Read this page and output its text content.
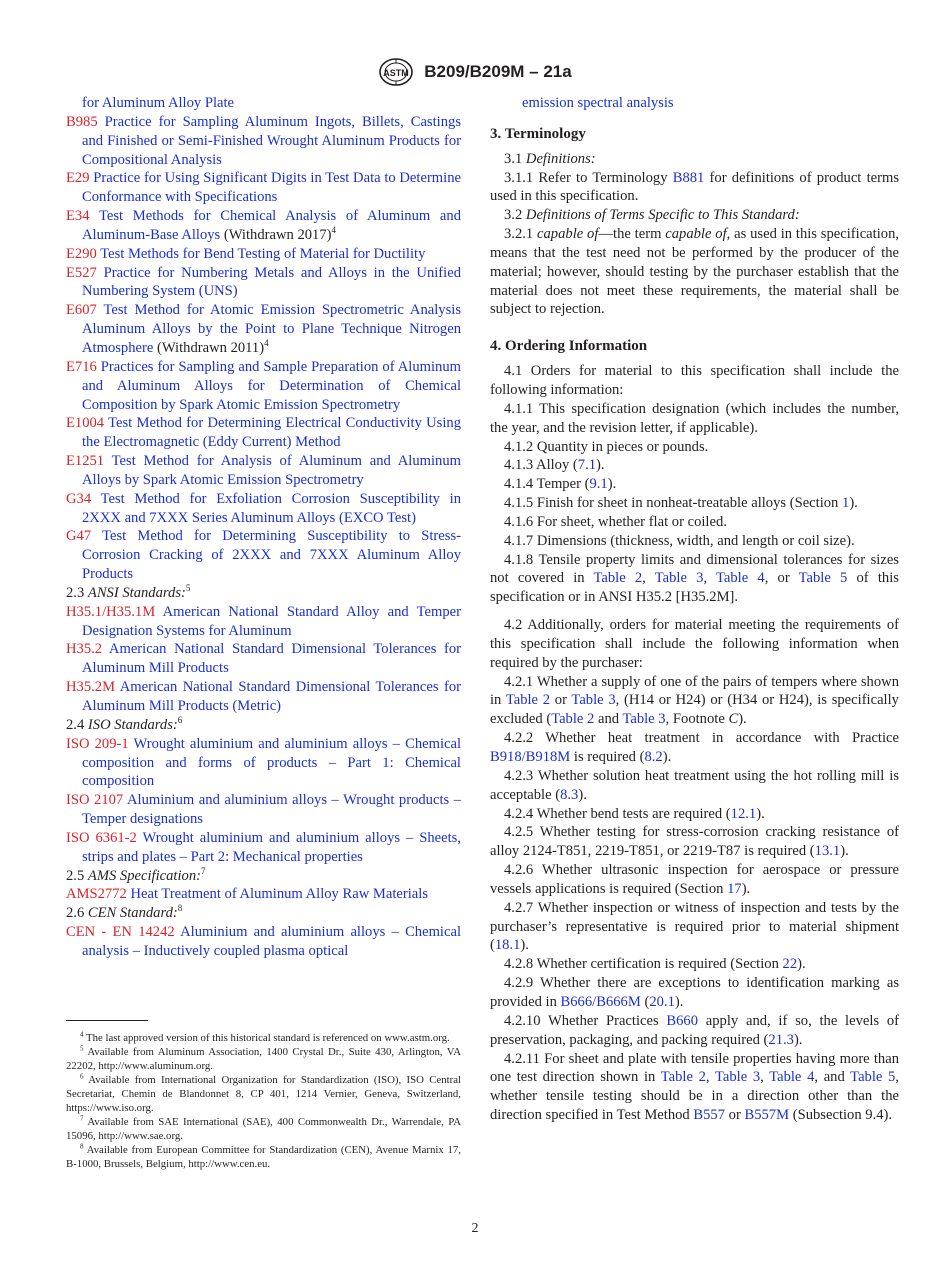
ASTM B209/B209M – 21a

for Aluminum Alloy Plate

B985 Practice for Sampling Aluminum Ingots, Billets, Castings and Finished or Semi-Finished Wrought Aluminum Products for Compositional Analysis

E29 Practice for Using Significant Digits in Test Data to Determine Conformance with Specifications

E34 Test Methods for Chemical Analysis of Aluminum and Aluminum-Base Alloys (Withdrawn 2017)$^4$

E290 Test Methods for Bend Testing of Material for Ductility

E527 Practice for Numbering Metals and Alloys in the Unified Numbering System (UNS)

E607 Test Method for Atomic Emission Spectrometric Analysis Aluminum Alloys by the Point to Plane Technique Nitrogen Atmosphere (Withdrawn 2011)$^4$

E716 Practices for Sampling and Sample Preparation of Aluminum and Aluminum Alloys for Determination of Chemical Composition by Spark Atomic Emission Spectrometry

E1004 Test Method for Determining Electrical Conductivity Using the Electromagnetic (Eddy Current) Method

E1251 Test Method for Analysis of Aluminum and Aluminum Alloys by Spark Atomic Emission Spectrometry

G34 Test Method for Exfoliation Corrosion Susceptibility in 2XXX and 7XXX Series Aluminum Alloys (EXCO Test)

G47 Test Method for Determining Susceptibility to Stress-Corrosion Cracking of 2XXX and 7XXX Aluminum Alloy Products

2.3 ANSI Standards:$^5$

H35.1/H35.1M American National Standard Alloy and Temper Designation Systems for Aluminum

H35.2 American National Standard Dimensional Tolerances for Aluminum Mill Products

H35.2M American National Standard Dimensional Tolerances for Aluminum Mill Products (Metric)

2.4 ISO Standards:$^6$

ISO 209-1 Wrought aluminium and aluminium alloys – Chemical composition and forms of products – Part 1: Chemical composition

ISO 2107 Aluminium and aluminium alloys – Wrought products – Temper designations

ISO 6361-2 Wrought aluminium and aluminium alloys – Sheets, strips and plates – Part 2: Mechanical properties

2.5 AMS Specification:$^7$

AMS2772 Heat Treatment of Aluminum Alloy Raw Materials

2.6 CEN Standard:$^8$

CEN - EN 14242 Aluminium and aluminium alloys – Chemical analysis – Inductively coupled plasma optical

$^4$ The last approved version of this historical standard is referenced on www.astm.org.

$^5$ Available from Aluminum Association, 1400 Crystal Dr., Suite 430, Arlington, VA 22202, http://www.aluminum.org.

$^6$ Available from International Organization for Standardization (ISO), ISO Central Secretariat, Chemin de Blandonnet 8, CP 401, 1214 Vernier, Geneva, Switzerland, https://www.iso.org.

$^7$ Available from SAE International (SAE), 400 Commonwealth Dr., Warrendale, PA 15096, http://www.sae.org.

$^8$ Available from European Committee for Standardization (CEN), Avenue Marnix 17, B-1000, Brussels, Belgium, http://www.cen.eu.

emission spectral analysis

3. Terminology

3.1 Definitions:

3.1.1 Refer to Terminology B881 for definitions of product terms used in this specification.

3.2 Definitions of Terms Specific to This Standard:

3.2.1 capable of—the term capable of, as used in this specification, means that the test need not be performed by the producer of the material; however, should testing by the purchaser establish that the material does not meet these requirements, the material shall be subject to rejection.

4. Ordering Information

4.1 Orders for material to this specification shall include the following information:

4.1.1 This specification designation (which includes the number, the year, and the revision letter, if applicable).

4.1.2 Quantity in pieces or pounds.

4.1.3 Alloy (7.1).

4.1.4 Temper (9.1).

4.1.5 Finish for sheet in nonheat-treatable alloys (Section 1).

4.1.6 For sheet, whether flat or coiled.

4.1.7 Dimensions (thickness, width, and length or coil size).

4.1.8 Tensile property limits and dimensional tolerances for sizes not covered in Table 2, Table 3, Table 4, or Table 5 of this specification or in ANSI H35.2 [H35.2M].

4.2 Additionally, orders for material meeting the requirements of this specification shall include the following information when required by the purchaser:

4.2.1 Whether a supply of one of the pairs of tempers where shown in Table 2 or Table 3, (H14 or H24) or (H34 or H24), is specifically excluded (Table 2 and Table 3, Footnote C).

4.2.2 Whether heat treatment in accordance with Practice B918/B918M is required (8.2).

4.2.3 Whether solution heat treatment using the hot rolling mill is acceptable (8.3).

4.2.4 Whether bend tests are required (12.1).

4.2.5 Whether testing for stress-corrosion cracking resistance of alloy 2124-T851, 2219-T851, or 2219-T87 is required (13.1).

4.2.6 Whether ultrasonic inspection for aerospace or pressure vessels applications is required (Section 17).

4.2.7 Whether inspection or witness of inspection and tests by the purchaser’s representative is required prior to material shipment (18.1).

4.2.8 Whether certification is required (Section 22).

4.2.9 Whether there are exceptions to identification marking as provided in B666/B666M (20.1).

4.2.10 Whether Practices B660 apply and, if so, the levels of preservation, packaging, and packing required (21.3).

4.2.11 For sheet and plate with tensile properties having more than one test direction shown in Table 2, Table 3, Table 4, and Table 5, whether tensile testing should be in a direction other than the direction specified in Test Method B557 or B557M (Subsection 9.4).

2
